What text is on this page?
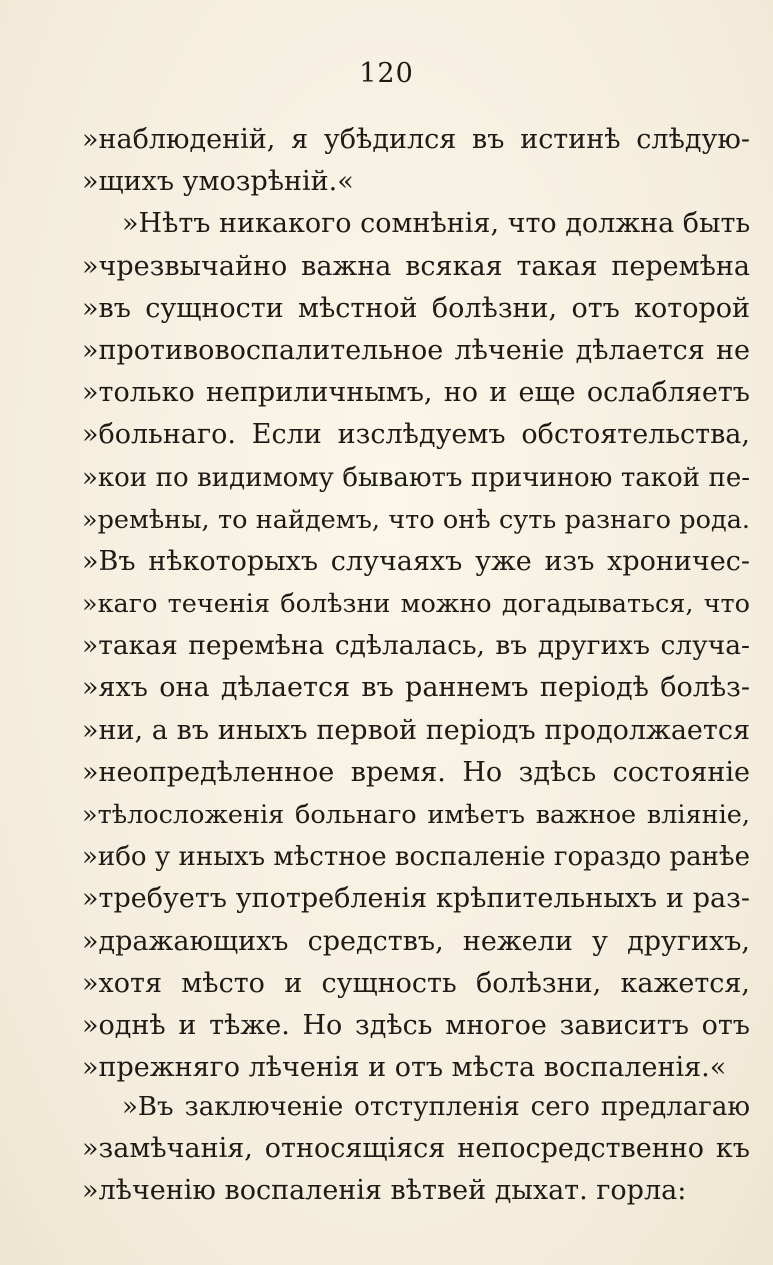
120
»наблюденій, я убѣдился въ истинѣ слѣдую-
»щихъ умозрѣній.«
»Нѣтъ никакого сомнѣнія, что должна быть
»чрезвычайно важна всякая такая перемѣна
»въ сущности мѣстной болѣзни, отъ которой
»противовоспалительное лѣченіе дѣлается не
»только неприличнымъ, но и еще ослабляетъ
»больнаго. Если изслѣдуемъ обстоятельства,
»кои по видимому бываютъ причиною такой пе-
»ремѣны, то найдемъ, что онѣ суть разнаго рода.
»Въ нѣкоторыхъ случаяхъ уже изъ хроничес-
»каго теченія болѣзни можно догадываться, что
»такая перемѣна сдѣлалась, въ другихъ случа-
»яхъ она дѣлается въ раннемъ періодѣ болѣз-
»ни, а въ иныхъ первой періодъ продолжается
»неопредѣленное время. Но здѣсь состояніе
»тѣлосложенія больнаго имѣетъ важное вліяніе,
»ибо у иныхъ мѣстное воспаленіе гораздо ранѣе
»требуетъ употребленія крѣпительныхъ и раз-
»дражающихъ средствъ, нежели у другихъ,
»хотя мѣсто и сущность болѣзни, кажется,
»однѣ и тѣже. Но здѣсь многое зависитъ отъ
»прежняго лѣченія и отъ мѣста воспаленія.«
»Въ заключеніе отступленія сего предлагаю
»замѣчанія, относящіяся непосредственно къ
»лѣченію воспаленія вѣтвей дыхат. горла:
